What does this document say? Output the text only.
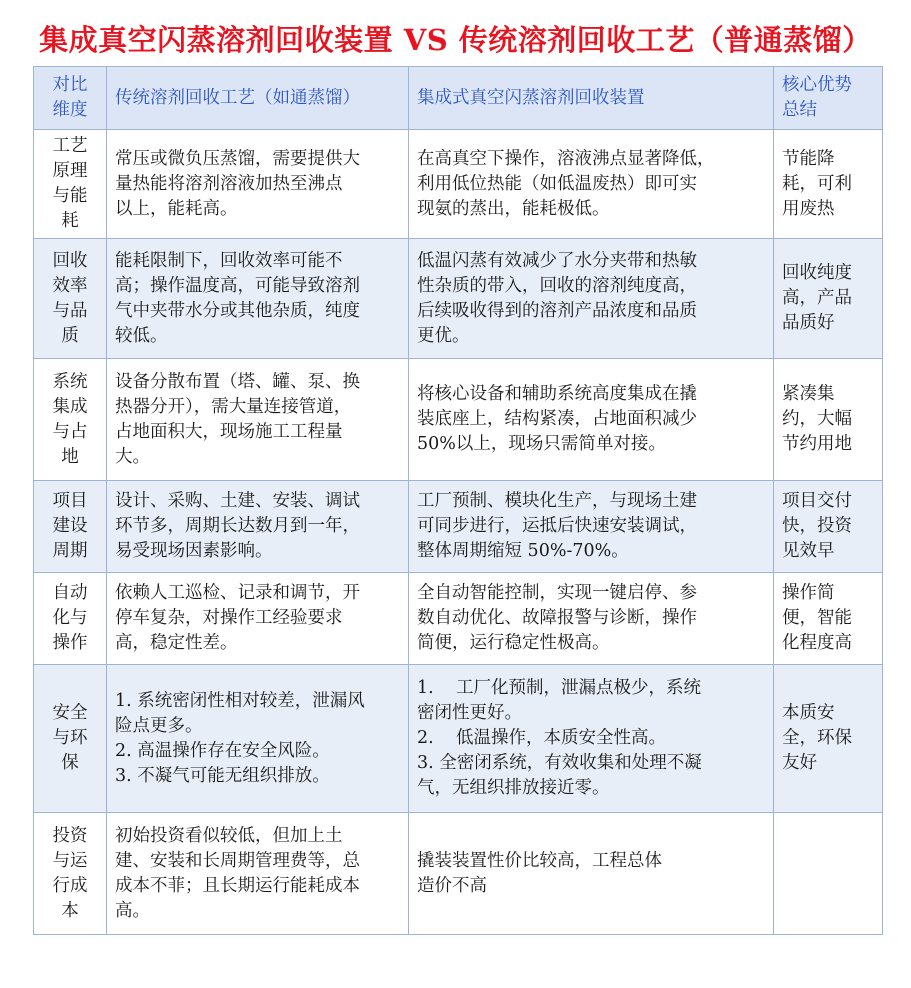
集成真空闪蒸溶剂回收装置 VS 传统溶剂回收工艺（普通蒸馏）
对比
维度	传统溶剂回收工艺（如通蒸馏）	集成式真空闪蒸溶剂回收装置	核心优势
总结

工艺
原理
与能
耗	常压或微负压蒸馏，需要提供大
量热能将溶剂溶液加热至沸点
以上，能耗高。	在高真空下操作，溶液沸点显著降低，
利用低位热能（如低温废热）即可实
现氨的蒸出，能耗极低。	节能降
耗，可利
用废热

回收
效率
与品
质	能耗限制下，回收效率可能不
高；操作温度高，可能导致溶剂
气中夹带水分或其他杂质，纯度
较低。	低温闪蒸有效减少了水分夹带和热敏
性杂质的带入，回收的溶剂纯度高，
后续吸收得到的溶剂产品浓度和品质
更优。	回收纯度
高，产品
品质好

系统
集成
与占
地	设备分散布置（塔、罐、泵、换
热器分开），需大量连接管道，
占地面积大，现场施工工程量
大。	将核心设备和辅助系统高度集成在撬
装底座上，结构紧凑，占地面积减少
50%以上，现场只需简单对接。	紧凑集
约，大幅
节约用地

项目
建设
周期	设计、采购、土建、安装、调试
环节多，周期长达数月到一年，
易受现场因素影响。	工厂预制、模块化生产，与现场土建
可同步进行，运抵后快速安装调试，
整体周期缩短 50%-70%。	项目交付
快，投资
见效早

自动
化与
操作	依赖人工巡检、记录和调节，开
停车复杂，对操作工经验要求
高，稳定性差。	全自动智能控制，实现一键启停、参
数自动优化、故障报警与诊断，操作
简便，运行稳定性极高。	操作简
便，智能
化程度高

安全
与环
保	1. 系统密闭性相对较差，泄漏风
险点更多。
2. 高温操作存在安全风险。
3. 不凝气可能无组织排放。	1.    工厂化预制，泄漏点极少，系统
密闭性更好。
2.    低温操作，本质安全性高。
3. 全密闭系统，有效收集和处理不凝
气，无组织排放接近零。	本质安
全，环保
友好

投资
与运
行成
本	初始投资看似较低，但加上土
建、安装和长周期管理费等，总
成本不菲；且长期运行能耗成本
高。	撬装装置性价比较高，工程总体
造价不高	
